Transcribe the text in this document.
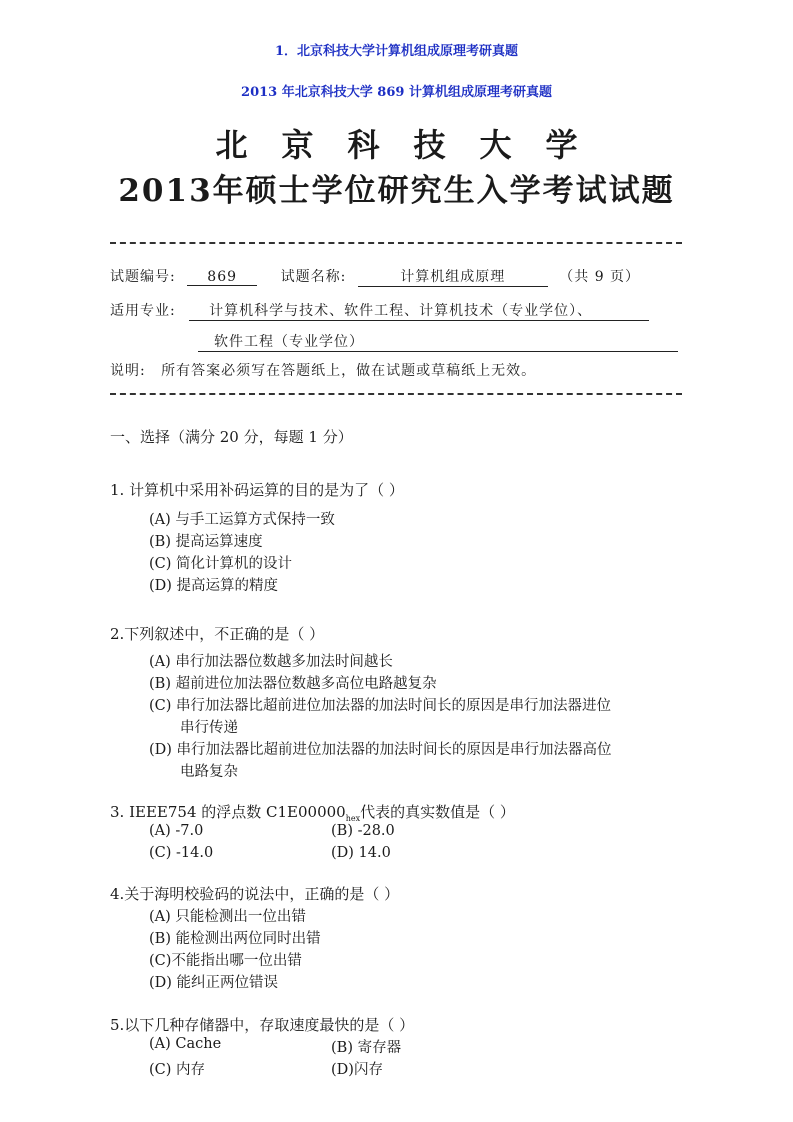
1．北京科技大学计算机组成原理考研真题
2013 年北京科技大学 869 计算机组成原理考研真题
北京科技大学
2013年硕士学位研究生入学考试试题
试题编号: 869	试题名称:	计算机组成原理	（共 9 页）
适用专业: 计算机科学与技术、软件工程、计算机技术（专业学位）、
软件工程（专业学位）
说明: 所有答案必须写在答题纸上，做在试题或草稿纸上无效。
一、选择（满分 20 分，每题 1 分）
1. 计算机中采用补码运算的目的是为了（ ）
(A) 与手工运算方式保持一致
(B) 提高运算速度
(C) 简化计算机的设计
(D) 提高运算的精度
2.下列叙述中，不正确的是（ ）
(A) 串行加法器位数越多加法时间越长
(B) 超前进位加法器位数越多高位电路越复杂
(C) 串行加法器比超前进位加法器的加法时间长的原因是串行加法器进位
串行传递
(D) 串行加法器比超前进位加法器的加法时间长的原因是串行加法器高位
电路复杂
3. IEEE754 的浮点数 $C1E00000_{hex}$代表的真实数值是（ ）
(A) -7.0	(B) -28.0
(C) -14.0	(D) 14.0
4.关于海明校验码的说法中，正确的是（ ）
(A) 只能检测出一位出错
(B) 能检测出两位同时出错
(C)不能指出哪一位出错
(D) 能纠正两位错误
5.以下几种存储器中，存取速度最快的是（ ）
(A) Cache	(B) 寄存器
(C) 内存	(D)闪存
